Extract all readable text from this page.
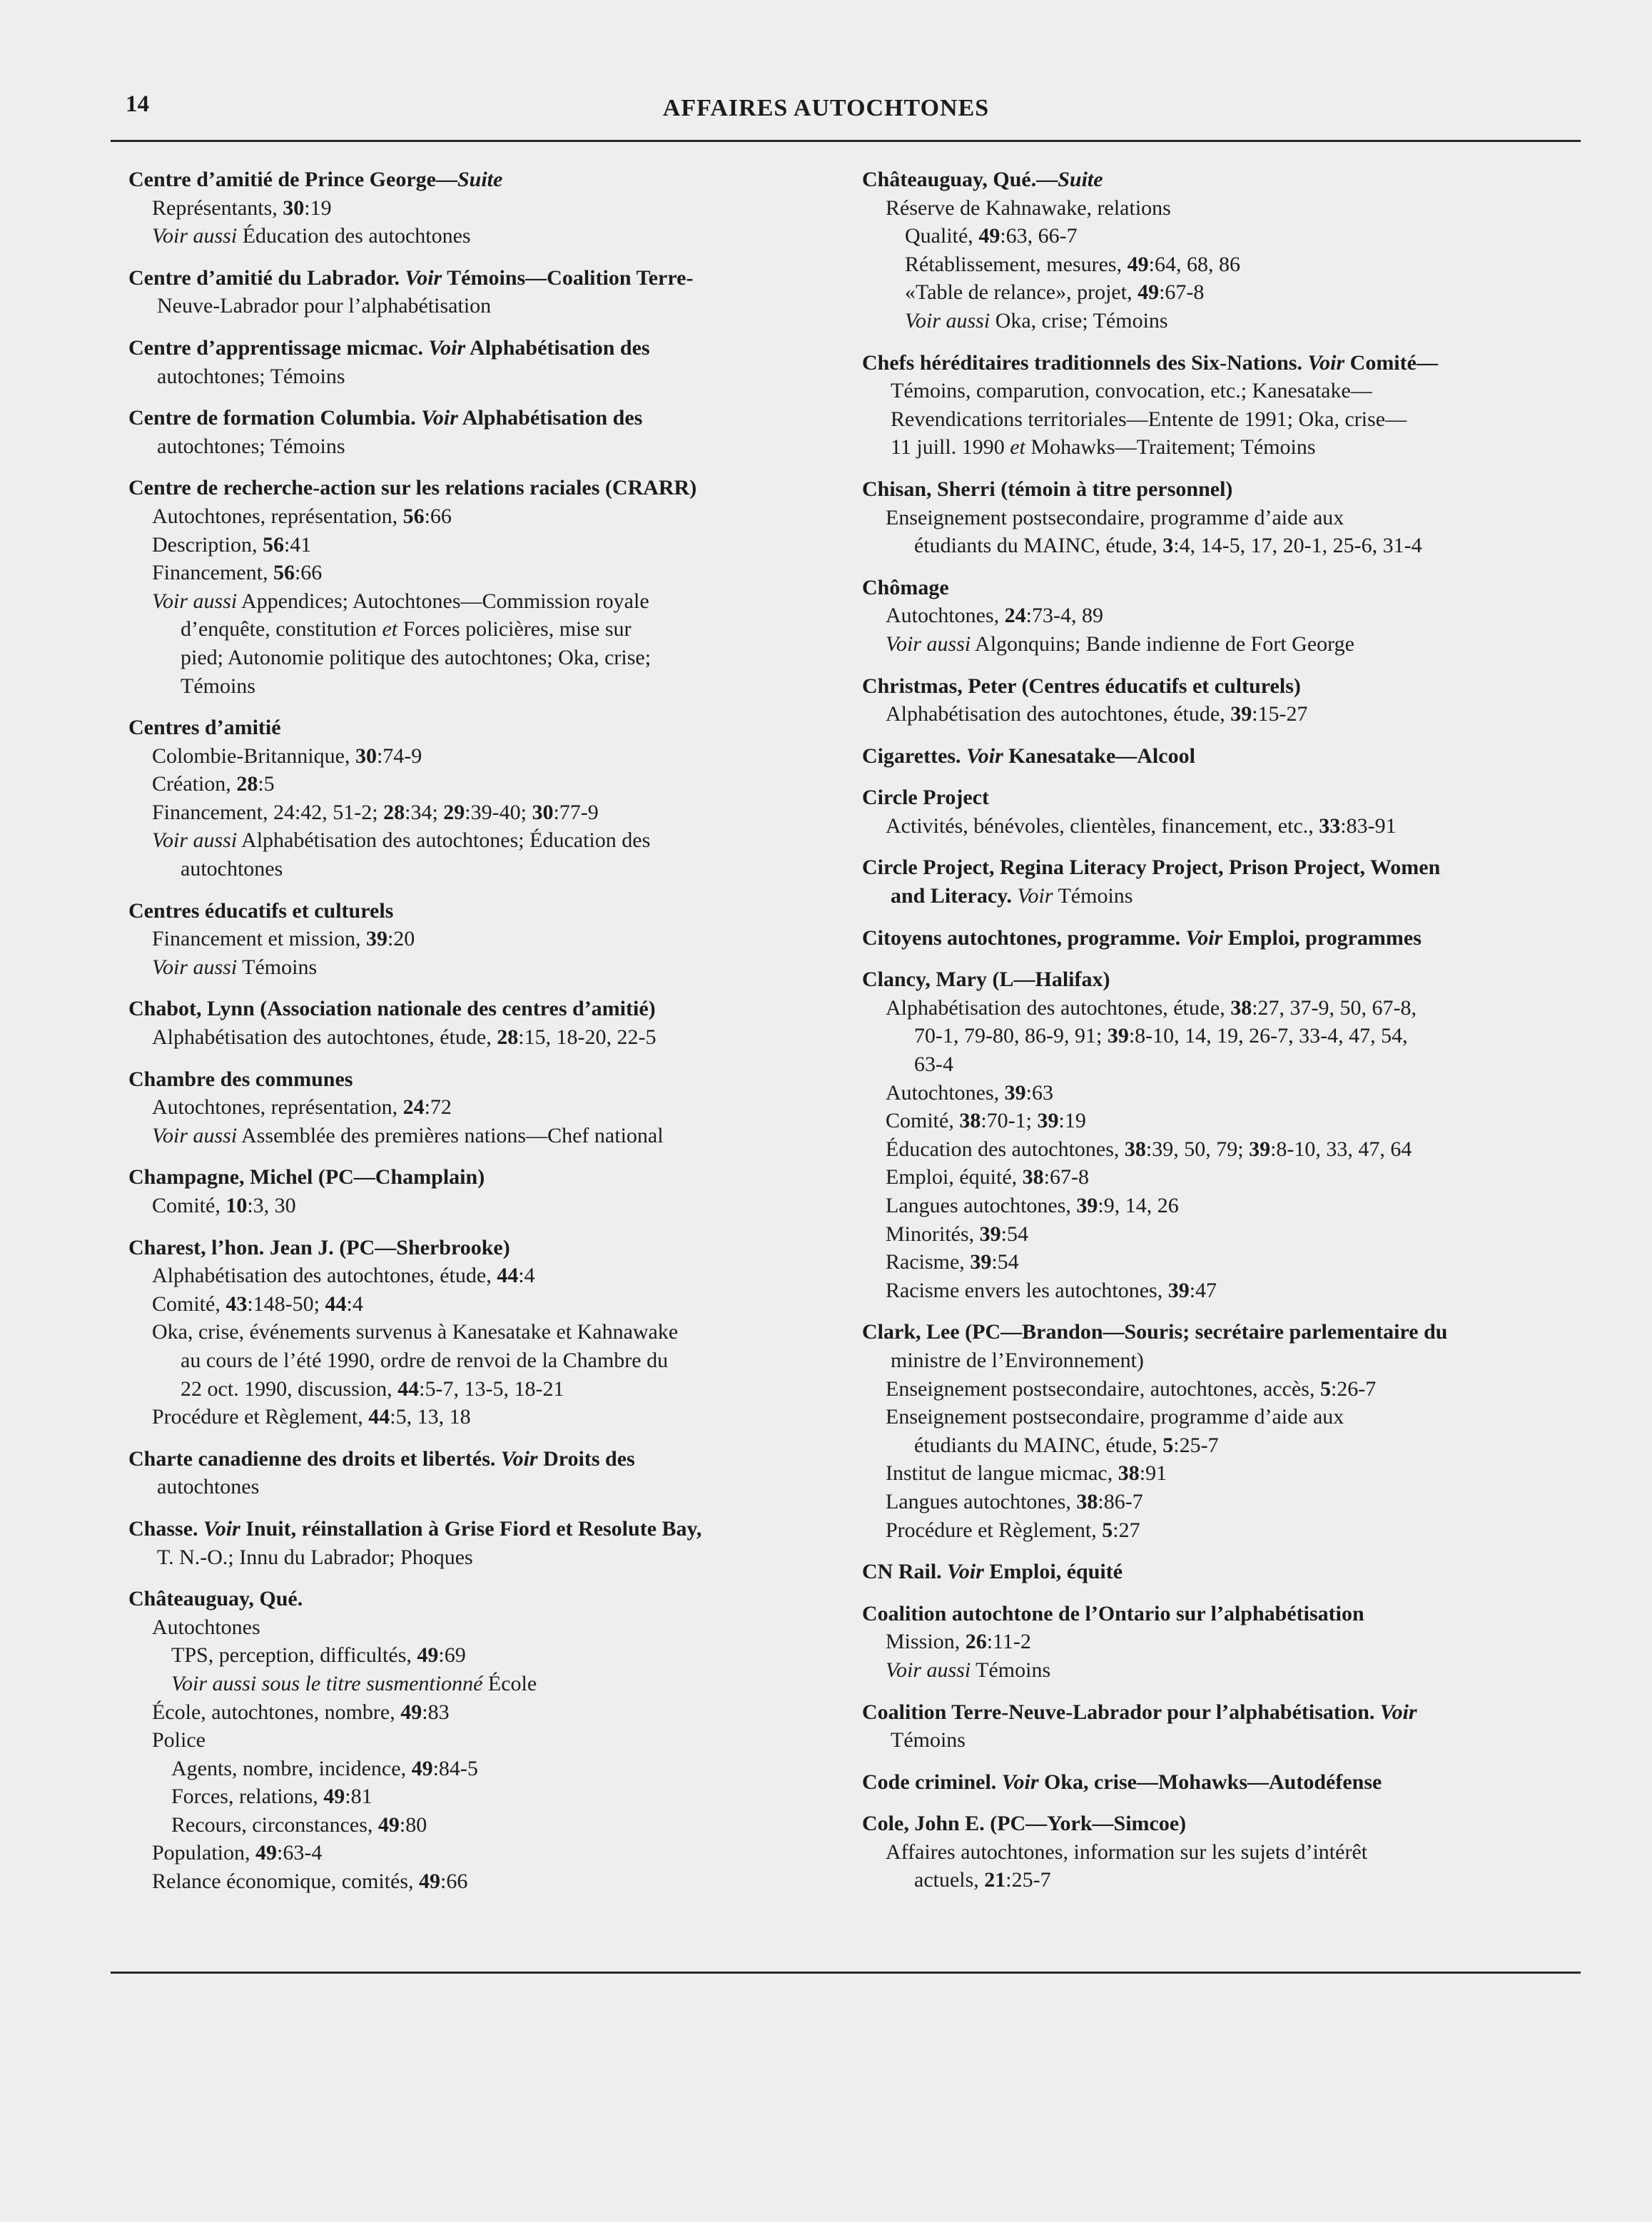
14	AFFAIRES AUTOCHTONES
Centre d’amitié de Prince George—Suite
Représentants, 30:19
Voir aussi Éducation des autochtones
Centre d’amitié du Labrador. Voir Témoins—Coalition Terre-
Neuve-Labrador pour l’alphabétisation
Centre d’apprentissage micmac. Voir Alphabétisation des
autochtones; Témoins
Centre de formation Columbia. Voir Alphabétisation des
autochtones; Témoins
Centre de recherche-action sur les relations raciales (CRARR)
Autochtones, représentation, 56:66
Description, 56:41
Financement, 56:66
Voir aussi Appendices; Autochtones—Commission royale
d’enquête, constitution et Forces policières, mise sur
pied; Autonomie politique des autochtones; Oka, crise;
Témoins
Centres d’amitié
Colombie-Britannique, 30:74-9
Création, 28:5
Financement, 24:42, 51-2; 28:34; 29:39-40; 30:77-9
Voir aussi Alphabétisation des autochtones; Éducation des
autochtones
Centres éducatifs et culturels
Financement et mission, 39:20
Voir aussi Témoins
Chabot, Lynn (Association nationale des centres d’amitié)
Alphabétisation des autochtones, étude, 28:15, 18-20, 22-5
Chambre des communes
Autochtones, représentation, 24:72
Voir aussi Assemblée des premières nations—Chef national
Champagne, Michel (PC—Champlain)
Comité, 10:3, 30
Charest, l’hon. Jean J. (PC—Sherbrooke)
Alphabétisation des autochtones, étude, 44:4
Comité, 43:148-50; 44:4
Oka, crise, événements survenus à Kanesatake et Kahnawake
au cours de l’été 1990, ordre de renvoi de la Chambre du
22 oct. 1990, discussion, 44:5-7, 13-5, 18-21
Procédure et Règlement, 44:5, 13, 18
Charte canadienne des droits et libertés. Voir Droits des
autochtones
Chasse. Voir Inuit, réinstallation à Grise Fiord et Resolute Bay,
T. N.-O.; Innu du Labrador; Phoques
Châteauguay, Qué.
Autochtones
TPS, perception, difficultés, 49:69
Voir aussi sous le titre susmentionné École
École, autochtones, nombre, 49:83
Police
Agents, nombre, incidence, 49:84-5
Forces, relations, 49:81
Recours, circonstances, 49:80
Population, 49:63-4
Relance économique, comités, 49:66
Châteauguay, Qué.—Suite
Réserve de Kahnawake, relations
Qualité, 49:63, 66-7
Rétablissement, mesures, 49:64, 68, 86
«Table de relance», projet, 49:67-8
Voir aussi Oka, crise; Témoins
Chefs héréditaires traditionnels des Six-Nations. Voir Comité—
Témoins, comparution, convocation, etc.; Kanesatake—
Revendications territoriales—Entente de 1991; Oka, crise—
11 juill. 1990 et Mohawks—Traitement; Témoins
Chisan, Sherri (témoin à titre personnel)
Enseignement postsecondaire, programme d’aide aux
étudiants du MAINC, étude, 3:4, 14-5, 17, 20-1, 25-6, 31-4
Chômage
Autochtones, 24:73-4, 89
Voir aussi Algonquins; Bande indienne de Fort George
Christmas, Peter (Centres éducatifs et culturels)
Alphabétisation des autochtones, étude, 39:15-27
Cigarettes. Voir Kanesatake—Alcool
Circle Project
Activités, bénévoles, clientèles, financement, etc., 33:83-91
Circle Project, Regina Literacy Project, Prison Project, Women
and Literacy. Voir Témoins
Citoyens autochtones, programme. Voir Emploi, programmes
Clancy, Mary (L—Halifax)
Alphabétisation des autochtones, étude, 38:27, 37-9, 50, 67-8,
70-1, 79-80, 86-9, 91; 39:8-10, 14, 19, 26-7, 33-4, 47, 54,
63-4
Autochtones, 39:63
Comité, 38:70-1; 39:19
Éducation des autochtones, 38:39, 50, 79; 39:8-10, 33, 47, 64
Emploi, équité, 38:67-8
Langues autochtones, 39:9, 14, 26
Minorités, 39:54
Racisme, 39:54
Racisme envers les autochtones, 39:47
Clark, Lee (PC—Brandon—Souris; secrétaire parlementaire du
ministre de l’Environnement)
Enseignement postsecondaire, autochtones, accès, 5:26-7
Enseignement postsecondaire, programme d’aide aux
étudiants du MAINC, étude, 5:25-7
Institut de langue micmac, 38:91
Langues autochtones, 38:86-7
Procédure et Règlement, 5:27
CN Rail. Voir Emploi, équité
Coalition autochtone de l’Ontario sur l’alphabétisation
Mission, 26:11-2
Voir aussi Témoins
Coalition Terre-Neuve-Labrador pour l’alphabétisation. Voir
Témoins
Code criminel. Voir Oka, crise—Mohawks—Autodéfense
Cole, John E. (PC—York—Simcoe)
Affaires autochtones, information sur les sujets d’intérêt
actuels, 21:25-7
